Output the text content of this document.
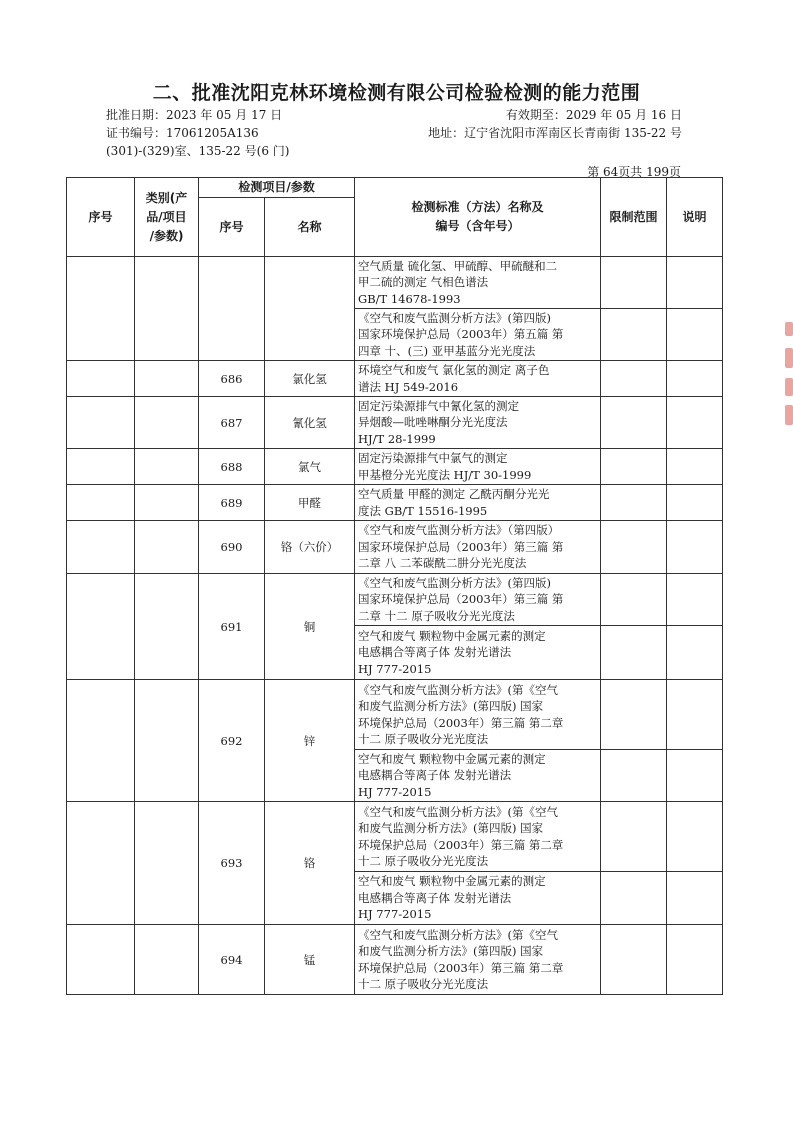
二、批准沈阳克林环境检测有限公司检验检测的能力范围
批准日期：2023 年 05 月 17 日	有效期至：2029 年 05 月 16 日
证书编号：17061205A136	地址：辽宁省沈阳市浑南区长青南街 135-22 号
(301)-(329)室、135-22 号(6 门)
第 64页共 199页
序号	类别(产
品/项目
/参数)	检测项目/参数		检测标准（方法）名称及
编号（含年号）	限制范围	说明
		序号	名称			

				空气质量 硫化氢、甲硫醇、甲硫醚和二
甲二硫的测定 气相色谱法
GB/T 14678-1993		

				《空气和废气监测分析方法》(第四版)
国家环境保护总局（2003年）第五篇 第
四章 十、(三) 亚甲基蓝分光光度法		

		686	氯化氢	环境空气和废气 氯化氢的测定 离子色
谱法 HJ 549-2016		

		687	氰化氢	固定污染源排气中氰化氢的测定
异烟酸—吡唑啉酮分光光度法
HJ/T 28-1999		

		688	氯气	固定污染源排气中氯气的测定
甲基橙分光光度法 HJ/T 30-1999		

		689	甲醛	空气质量 甲醛的测定 乙酰丙酮分光光
度法 GB/T 15516-1995		

		690	铬（六价）	《空气和废气监测分析方法》（第四版）
国家环境保护总局（2003年）第三篇 第
二章 八 二苯碳酰二肼分光光度法		

		691	铜	《空气和废气监测分析方法》(第四版)
国家环境保护总局（2003年）第三篇 第
二章 十二 原子吸收分光光度法		

				空气和废气 颗粒物中金属元素的测定
电感耦合等离子体 发射光谱法
HJ 777-2015		

		692	锌	《空气和废气监测分析方法》(第《空气
和废气监测分析方法》(第四版) 国家
环境保护总局（2003年）第三篇 第二章
十二 原子吸收分光光度法		

				空气和废气 颗粒物中金属元素的测定
电感耦合等离子体 发射光谱法
HJ 777-2015		

		693	铬	《空气和废气监测分析方法》(第《空气
和废气监测分析方法》(第四版) 国家
环境保护总局（2003年）第三篇 第二章
十二 原子吸收分光光度法		

				空气和废气 颗粒物中金属元素的测定
电感耦合等离子体 发射光谱法
HJ 777-2015		

		694	锰	《空气和废气监测分析方法》(第《空气
和废气监测分析方法》(第四版) 国家
环境保护总局（2003年）第三篇 第二章
十二 原子吸收分光光度法		
